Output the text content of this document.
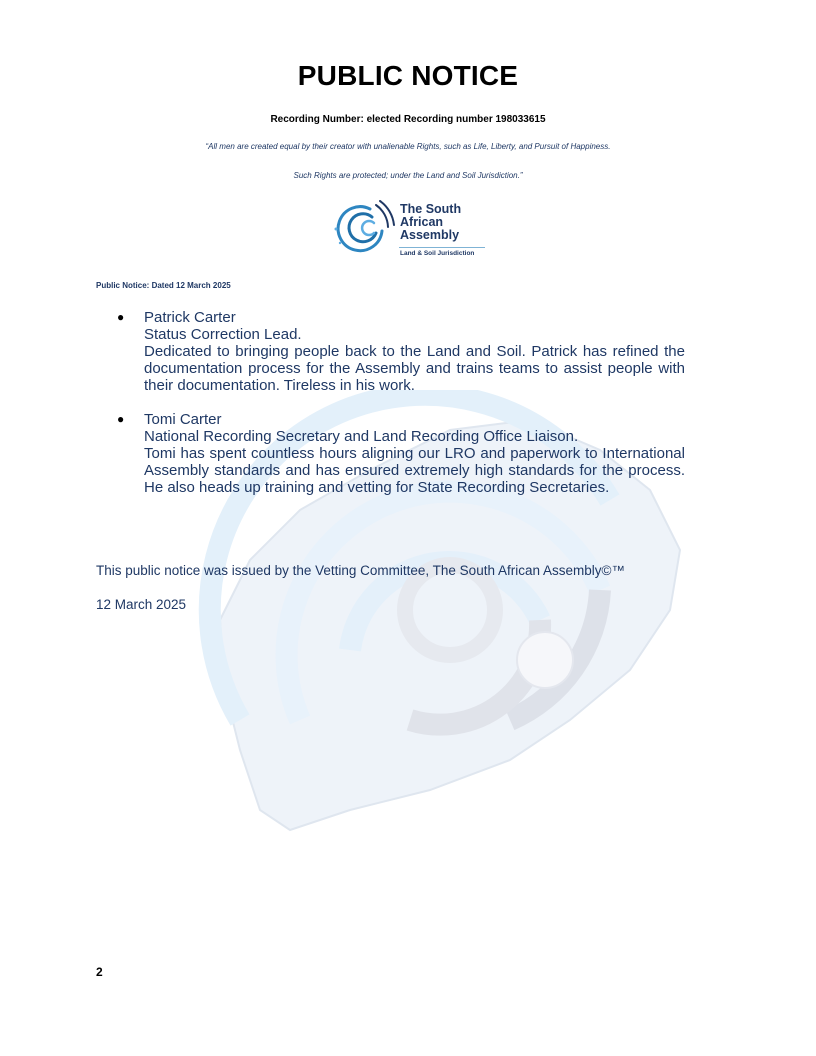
PUBLIC NOTICE
Recording Number: elected Recording number 198033615
“All men are created equal by their creator with unalienable Rights, such as Life, Liberty, and Pursuit of Happiness.
Such Rights are protected; under the Land and Soil Jurisdiction.”
The South
African
Assembly
Land & Soil Jurisdiction
Public Notice: Dated 12 March 2025
● Patrick Carter
Status Correction Lead.
Dedicated to bringing people back to the Land and Soil. Patrick has refined the documentation process for the Assembly and trains teams to assist people with their documentation. Tireless in his work.
● Tomi Carter
National Recording Secretary and Land Recording Office Liaison.
Tomi has spent countless hours aligning our LRO and paperwork to International Assembly standards and has ensured extremely high standards for the process. He also heads up training and vetting for State Recording Secretaries.
This public notice was issued by the Vetting Committee, The South African Assembly©™
12 March 2025
2
